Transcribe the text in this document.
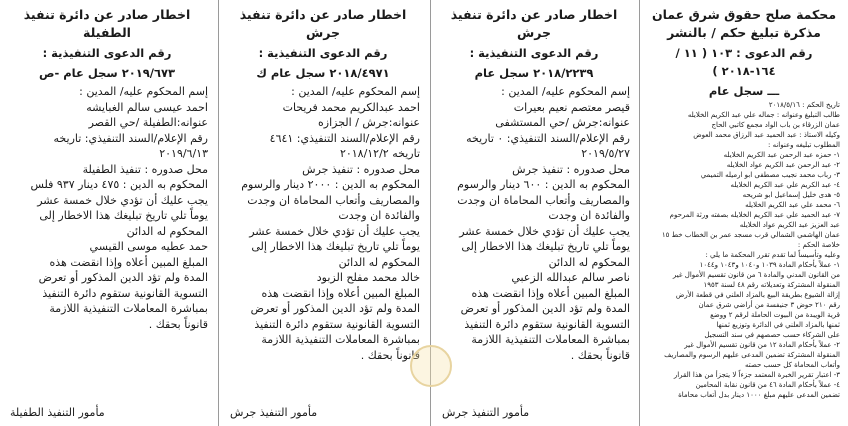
محكمة صلح حقوق شرق عمان
مذكرة تبليغ حكم / بالنشر
رقم الدعوى : ١٠٣ ( ١١ / ١٦٤-٢٠١٨ )
ـــ سجل عام

تاريخ الحكم : ٢٠١٨/٥/١٦

طالب التبليغ وعنوانه : جماله علي عبد الكريم الخلايله

عمان الزرقاء بن باب الواد مجمع كاتبي الحاج

وكيله الاستاذ : عبد الحميد عبد الرزاق محمد العوض

المطلوب تبليغه وعنوانه :

١- حمزه عبد الرحمن عبد الكريم الخلايله

٢- عبد الرحمن عبد الكريم عواد الخلايله

٣- رباب محمد نجيب مصطفى ابو ارميله التميمي

٤- عبد الكريم علي عبد الكريم الخلايله

٥- هدى خليل إسماعيل ابو شريحه

٦- محمد علي عبد الكريم الخلايله

٧- عبد الحميد علي عبد الكريم الخلايله بصفته ورثة المرحوم

عبد العزيز عبد الكريم عواد الخلايله

عمان الهاشمي الشمالي قرب مسجد عمر بن الخطاب خط ١٥

خلاصة الحكم :

وعليه وتأسيساً لما تقدم تقرر المحكمة ما يلي :

١- عملاً بأحكام المادة ١٠٣٩ و١٠٤٠ و١٠٤٣ و١٠٤٤

من القانون المدني والمادة ٦ من قانون تقسيم الأموال غير

المنقولة المشتركة وتعديلاته رقم ٤٨ لسنة ١٩٥٣

إزالة الشيوع بطريقة البيع بالمزاد العلني في قطعة الأرض

رقم ٢١٠ حوض ٣ جنيفسة من أراضي شرق عمان

قرية الويبدة من البيوت الحاملة لرقم ٢ ووضع

ثمنها بالمزاد العلني في الدائرة وتوزيع ثمنها

على الشركاء حسب حصصهم في سند التسجيل

٢- عملاً بأحكام المادة ١٢ من قانون تقسيم الأموال غير

المنقولة المشتركة تضمين المدعى عليهم الرسوم والمصاريف

وأتعاب المحاماة كل حسب حصته

٣- اعتبار تقرير الخبرة المعتمد جزءاً لا يتجزأ من هذا القرار

٤- عملاً بأحكام المادة ٤٦ من قانون نقابة المحامين

تضمين المدعى عليهم مبلغ ١٠٠٠ دينار بدل أتعاب محاماة

اخطار صادر عن دائرة تنفيذ جرش
رقم الدعوى التنفيذية :
٢٠١٨/٢٢٣٩ سجل عام

إسم المحكوم عليه/ المدين :

قيصر معتصم نعيم بعيرات

عنوانه:جرش /حي المستشفى

رقم الإعلام/السند التنفيذي: ٠ تاريخه

٢٠١٩/٥/٢٧

محل صدوره : تنفيذ جرش

المحكوم به الدين : ٦٠٠ دينار والرسوم

والمصاريف وأتعاب المحاماة ان وجدت

والفائدة ان وجدت

يجب عليك أن تؤدي خلال خمسة عشر

يوماً تلي تاريخ تبليغك هذا الاخطار إلى

المحكوم له الدائن

ناصر سالم عبدالله الزعبي

المبلغ المبين أعلاه وإذا انقضت هذه

المدة ولم تؤد الدين المذكور أو تعرض

التسوية القانونية ستقوم دائرة التنفيذ

بمباشرة المعاملات التنفيذية اللازمة

قانوناً بحقك .

مأمور التنفيذ جرش
اخطار صادر عن دائرة تنفيذ جرش
رقم الدعوى التنفيذية :
٢٠١٨/٤٩٧١ سجل عام ك

إسم المحكوم عليه/ المدين :

احمد عبدالكريم محمد فريحات

عنوانه:جرش / الجزازه

رقم الإعلام/السند التنفيذي: ٤٦٤١

تاريخه ٢٠١٨/١٢/٢

محل صدوره : تنفيذ جرش

المحكوم به الدين : ٢٠٠٠ دينار والرسوم

والمصاريف وأتعاب المحاماة ان وجدت

والفائدة ان وجدت

يجب عليك أن تؤدي خلال خمسة عشر

يوماً تلي تاريخ تبليغك هذا الاخطار إلى

المحكوم له الدائن

خالد محمد مفلح الزبود

المبلغ المبين أعلاه وإذا انقضت هذه

المدة ولم تؤد الدين المذكور أو تعرض

التسوية القانونية ستقوم دائرة التنفيذ

بمباشرة المعاملات التنفيذية اللازمة

قانوناً بحقك .

مأمور التنفيذ جرش
اخطار صادر عن دائرة تنفيذ
الطفيلة
رقم الدعوى التنفيذية :
٢٠١٩/٦٧٣ سجل عام -ص

إسم المحكوم عليه/ المدين :

احمد عيسى سالم الغبايشه

عنوانه:الطفيلة /حي القصر

رقم الإعلام/السند التنفيذي: تاريخه

٢٠١٩/٦/١٣

محل صدوره : تنفيذ الطفيلة

المحكوم به الدين : ٤٧٥ دينار ٩٣٧ فلس

يجب عليك أن تؤدي خلال خمسة عشر

يوماً تلي تاريخ تبليغك هذا الاخطار إلى

المحكوم له الدائن

حمد عطيه موسى القيسي

المبلغ المبين أعلاه وإذا انقضت هذه

المدة ولم تؤد الدين المذكور أو تعرض

التسوية القانونية ستقوم دائرة التنفيذ

بمباشرة المعاملات التنفيذية اللازمة

قانوناً بحقك .

مأمور التنفيذ الطفيلة
